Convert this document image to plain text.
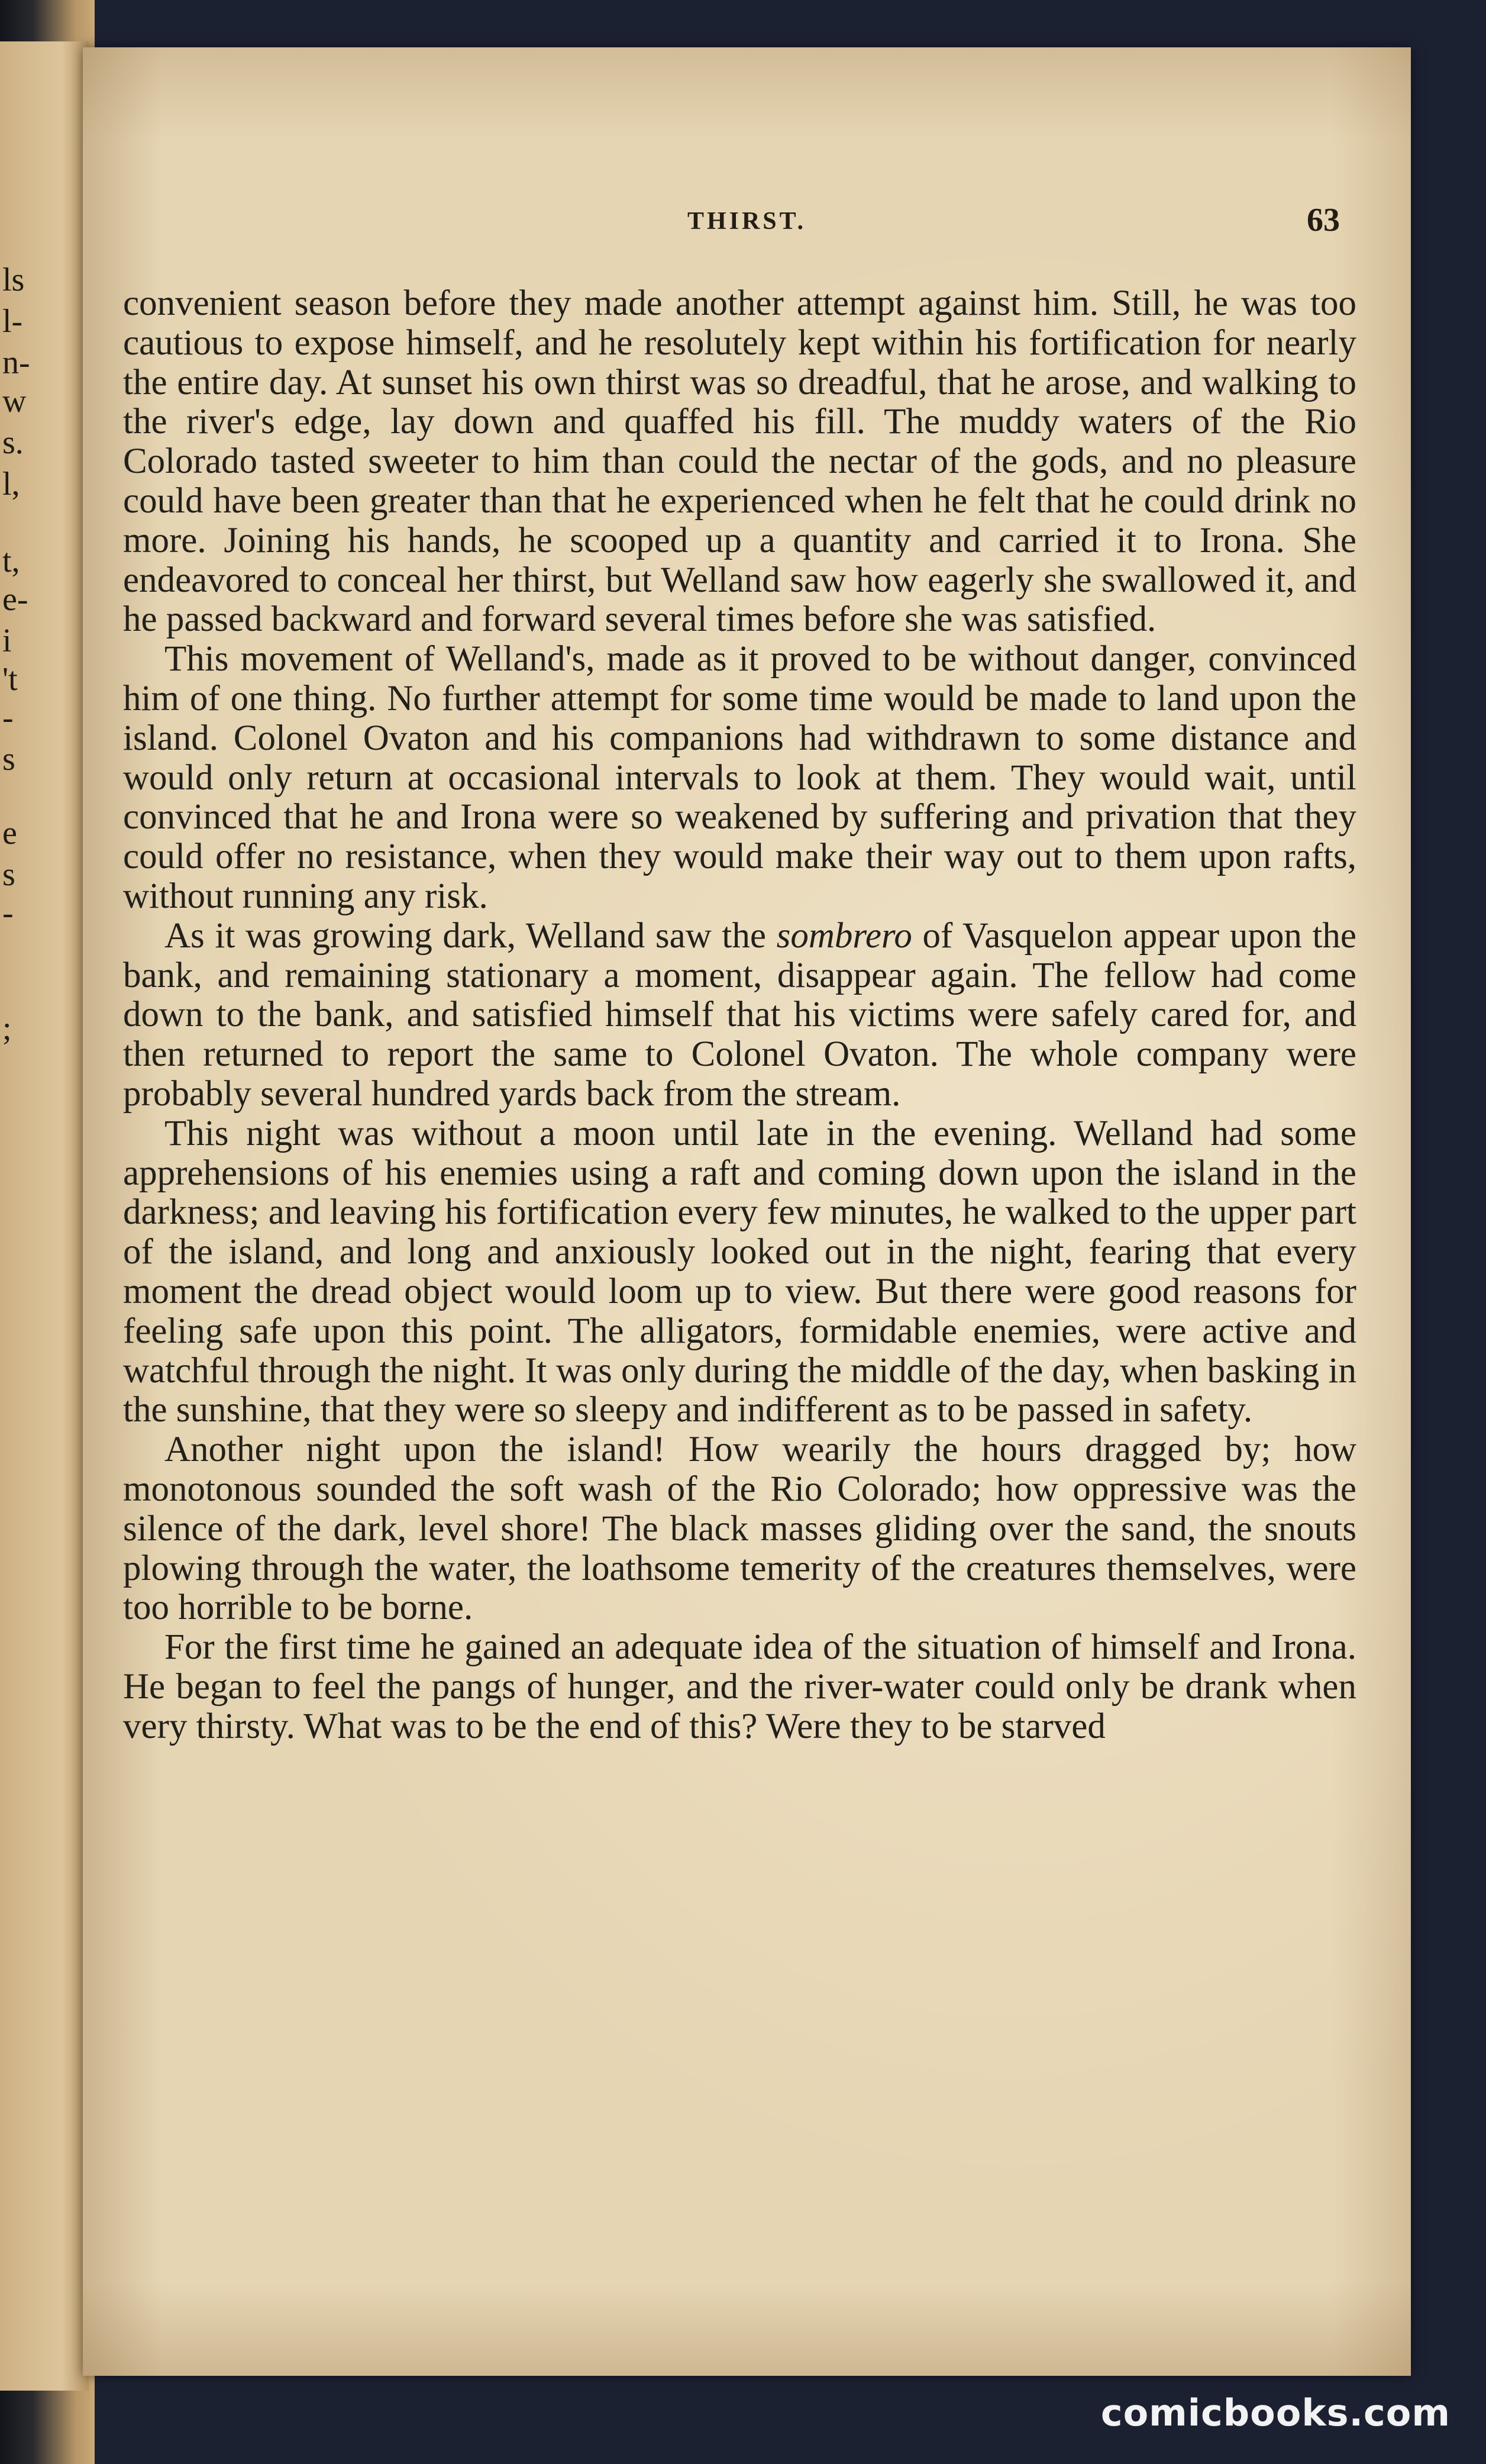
ls
l-
n-
w
s.
l,
t,
e-
i
't
-
s
e
s
-
;
THIRST.	63

convenient season before they made another attempt against him. Still, he was too cautious to expose himself, and he resolutely kept within his fortification for nearly the entire day. At sunset his own thirst was so dreadful, that he arose, and walking to the river's edge, lay down and quaffed his fill. The muddy waters of the Rio Colorado tasted sweeter to him than could the nectar of the gods, and no pleasure could have been greater than that he experienced when he felt that he could drink no more. Joining his hands, he scooped up a quantity and carried it to Irona. She endeavored to conceal her thirst, but Welland saw how eagerly she swallowed it, and he passed backward and forward several times before she was satisfied.

This movement of Welland's, made as it proved to be without danger, convinced him of one thing. No further attempt for some time would be made to land upon the island. Colonel Ovaton and his companions had withdrawn to some distance and would only return at occasional intervals to look at them. They would wait, until convinced that he and Irona were so weakened by suffering and privation that they could offer no resistance, when they would make their way out to them upon rafts, without running any risk.

As it was growing dark, Welland saw the sombrero of Vasquelon appear upon the bank, and remaining stationary a moment, disappear again. The fellow had come down to the bank, and satisfied himself that his victims were safely cared for, and then returned to report the same to Colonel Ovaton. The whole company were probably several hundred yards back from the stream.

This night was without a moon until late in the evening. Welland had some apprehensions of his enemies using a raft and coming down upon the island in the darkness; and leaving his fortification every few minutes, he walked to the upper part of the island, and long and anxiously looked out in the night, fearing that every moment the dread object would loom up to view. But there were good reasons for feeling safe upon this point. The alligators, formidable enemies, were active and watchful through the night. It was only during the middle of the day, when basking in the sunshine, that they were so sleepy and indifferent as to be passed in safety.

Another night upon the island! How wearily the hours dragged by; how monotonous sounded the soft wash of the Rio Colorado; how oppressive was the silence of the dark, level shore! The black masses gliding over the sand, the snouts plowing through the water, the loathsome temerity of the creatures themselves, were too horrible to be borne.

For the first time he gained an adequate idea of the situation of himself and Irona. He began to feel the pangs of hunger, and the river-water could only be drank when very thirsty. What was to be the end of this? Were they to be starved

comicbooks.com
